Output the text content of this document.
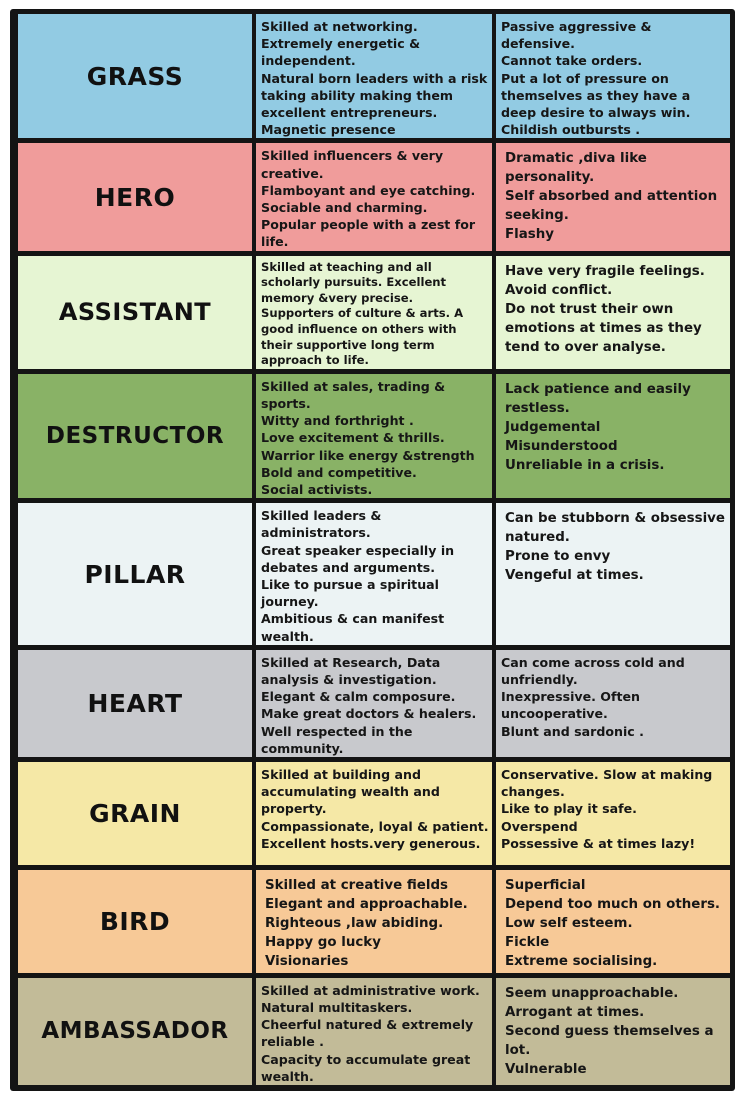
GRASS
Skilled at networking.
Extremely energetic & independent.
Natural born leaders with a risk taking ability making them
excellent entrepreneurs.
Magnetic presence
Passive aggressive & defensive.
Cannot take orders.
Put a lot of pressure on themselves as they have a deep desire to always win.
Childish outbursts .
HERO
Skilled influencers & very creative.
Flamboyant and eye catching.
Sociable and charming.
Popular people with a zest for life.
Dramatic ,diva like personality.
Self absorbed and attention seeking.
Flashy
ASSISTANT
Skilled at teaching and all scholarly pursuits. Excellent memory &very precise.
Supporters of culture & arts. A good influence on others with their supportive long term approach to life.
Have very fragile feelings.
Avoid conflict.
Do not trust their own emotions at times as they tend to over analyse.
DESTRUCTOR
Skilled at sales, trading & sports.
Witty and forthright .
Love excitement & thrills.
Warrior like energy &strength
Bold and competitive.
Social activists.
Lack patience and easily restless.
Judgemental
Misunderstood
Unreliable in a crisis.
PILLAR
Skilled leaders & administrators.
Great speaker especially in debates and arguments.
Like to pursue a spiritual journey.
Ambitious & can manifest wealth.
Can be stubborn & obsessive natured.
Prone to envy
Vengeful at times.
HEART
Skilled at Research, Data analysis & investigation.
Elegant & calm composure.
Make great doctors & healers.
Well respected in the community.
Can come across cold and unfriendly.
Inexpressive. Often uncooperative.
Blunt and sardonic .
GRAIN
Skilled at building and accumulating wealth and property.
Compassionate, loyal & patient.
Excellent hosts.very generous.
Conservative. Slow at making changes.
Like to play it safe.
Overspend
Possessive & at times lazy!
BIRD
Skilled at creative fields
Elegant and approachable.
Righteous ,law abiding.
Happy go lucky
Visionaries
Superficial
Depend too much on others.
Low self esteem.
Fickle
Extreme socialising.
AMBASSADOR
Skilled at administrative work.
Natural multitaskers.
Cheerful natured & extremely reliable .
Capacity to accumulate great wealth.
Seem unapproachable.
Arrogant at times.
Second guess themselves a lot.
Vulnerable
